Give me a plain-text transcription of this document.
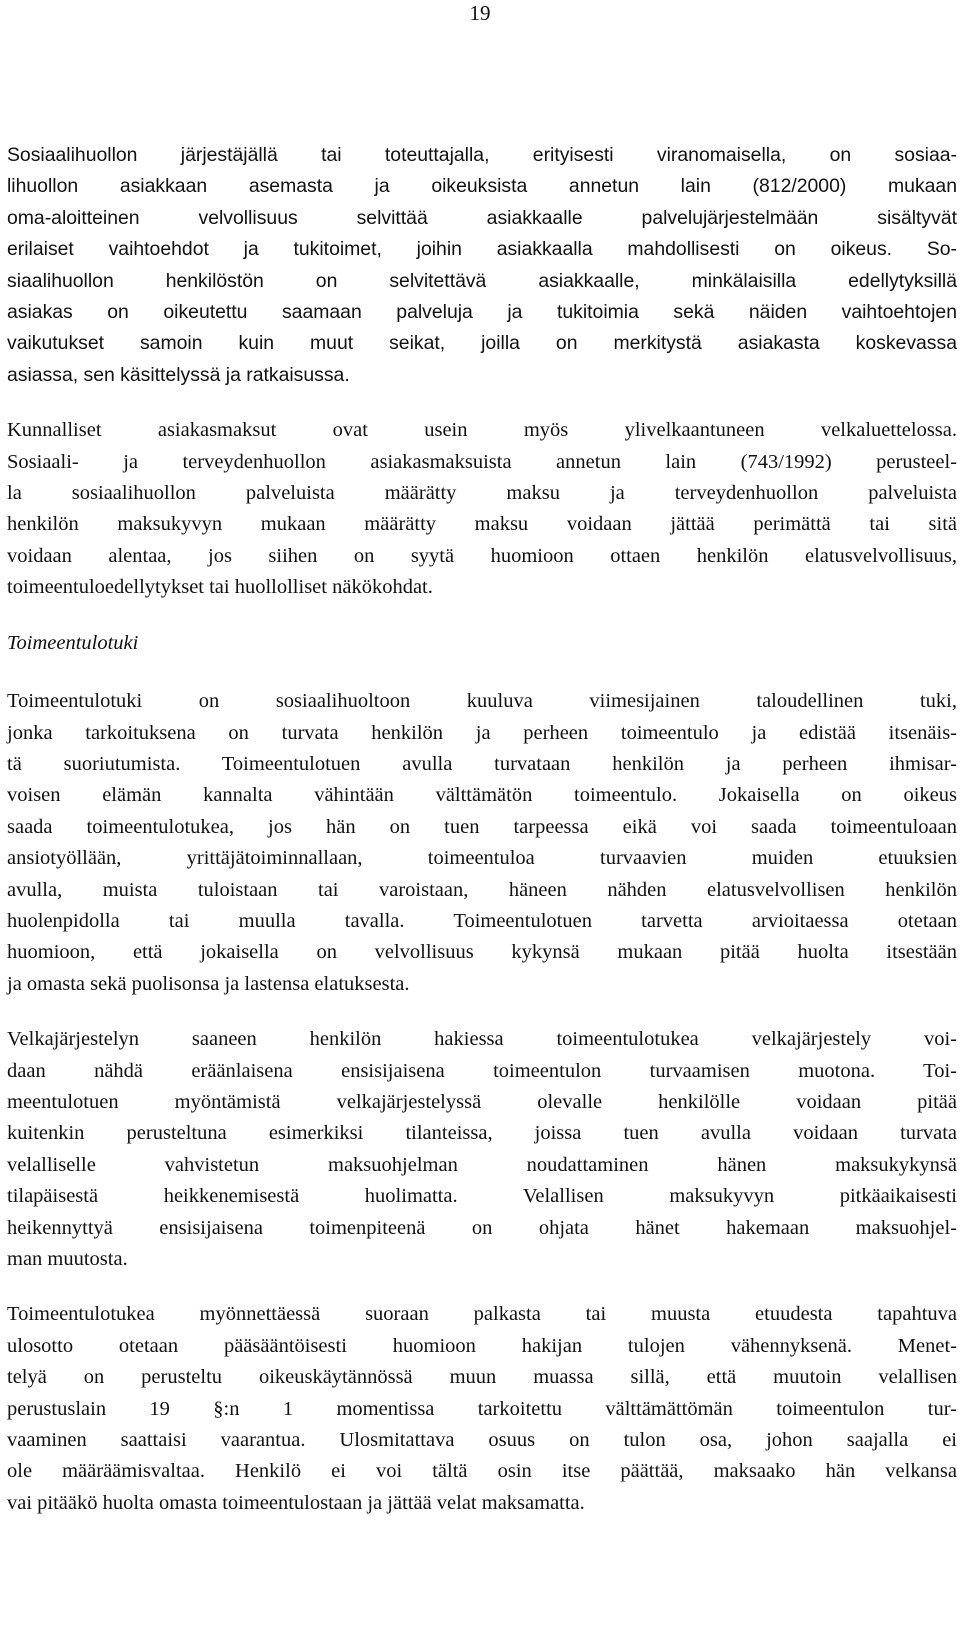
19
Sosiaalihuollon järjestäjällä tai toteuttajalla, erityisesti viranomaisella, on sosiaa-
lihuollon asiakkaan asemasta ja oikeuksista annetun lain (812/2000) mukaan
oma-aloitteinen velvollisuus selvittää asiakkaalle palvelujärjestelmään sisältyvät
erilaiset vaihtoehdot ja tukitoimet, joihin asiakkaalla mahdollisesti on oikeus. So-
siaalihuollon henkilöstön on selvitettävä asiakkaalle, minkälaisilla edellytyksillä
asiakas on oikeutettu saamaan palveluja ja tukitoimia sekä näiden vaihtoehtojen
vaikutukset samoin kuin muut seikat, joilla on merkitystä asiakasta koskevassa
asiassa, sen käsittelyssä ja ratkaisussa.
Kunnalliset asiakasmaksut ovat usein myös ylivelkaantuneen velkaluettelossa.
Sosiaali- ja terveydenhuollon asiakasmaksuista annetun lain (743/1992) perusteel-
la sosiaalihuollon palveluista määrätty maksu ja terveydenhuollon palveluista
henkilön maksukyvyn mukaan määrätty maksu voidaan jättää perimättä tai sitä
voidaan alentaa, jos siihen on syytä huomioon ottaen henkilön elatusvelvollisuus,
toimeentuloedellytykset tai huollolliset näkökohdat.
Toimeentulotuki
Toimeentulotuki on sosiaalihuoltoon kuuluva viimesijainen taloudellinen tuki,
jonka tarkoituksena on turvata henkilön ja perheen toimeentulo ja edistää itsenäis-
tä suoriutumista. Toimeentulotuen avulla turvataan henkilön ja perheen ihmisar-
voisen elämän kannalta vähintään välttämätön toimeentulo. Jokaisella on oikeus
saada toimeentulotukea, jos hän on tuen tarpeessa eikä voi saada toimeentuloaan
ansiotyöllään, yrittäjätoiminnallaan, toimeentuloa turvaavien muiden etuuksien
avulla, muista tuloistaan tai varoistaan, häneen nähden elatusvelvollisen henkilön
huolenpidolla tai muulla tavalla. Toimeentulotuen tarvetta arvioitaessa otetaan
huomioon, että jokaisella on velvollisuus kykynsä mukaan pitää huolta itsestään
ja omasta sekä puolisonsa ja lastensa elatuksesta.
Velkajärjestelyn saaneen henkilön hakiessa toimeentulotukea velkajärjestely voi-
daan nähdä eräänlaisena ensisijaisena toimeentulon turvaamisen muotona. Toi-
meentulotuen myöntämistä velkajärjestelyssä olevalle henkilölle voidaan pitää
kuitenkin perusteltuna esimerkiksi tilanteissa, joissa tuen avulla voidaan turvata
velalliselle vahvistetun maksuohjelman noudattaminen hänen maksukykynsä
tilapäisestä heikkenemisestä huolimatta. Velallisen maksukyvyn pitkäaikaisesti
heikennyttyä ensisijaisena toimenpiteenä on ohjata hänet hakemaan maksuohjel-
man muutosta.
Toimeentulotukea myönnettäessä suoraan palkasta tai muusta etuudesta tapahtuva
ulosotto otetaan pääsääntöisesti huomioon hakijan tulojen vähennyksenä. Menet-
telyä on perusteltu oikeuskäytännössä muun muassa sillä, että muutoin velallisen
perustuslain 19 §:n 1 momentissa tarkoitettu välttämättömän toimeentulon tur-
vaaminen saattaisi vaarantua. Ulosmitattava osuus on tulon osa, johon saajalla ei
ole määräämisvaltaa. Henkilö ei voi tältä osin itse päättää, maksaako hän velkansa
vai pitääkö huolta omasta toimeentulostaan ja jättää velat maksamatta.
